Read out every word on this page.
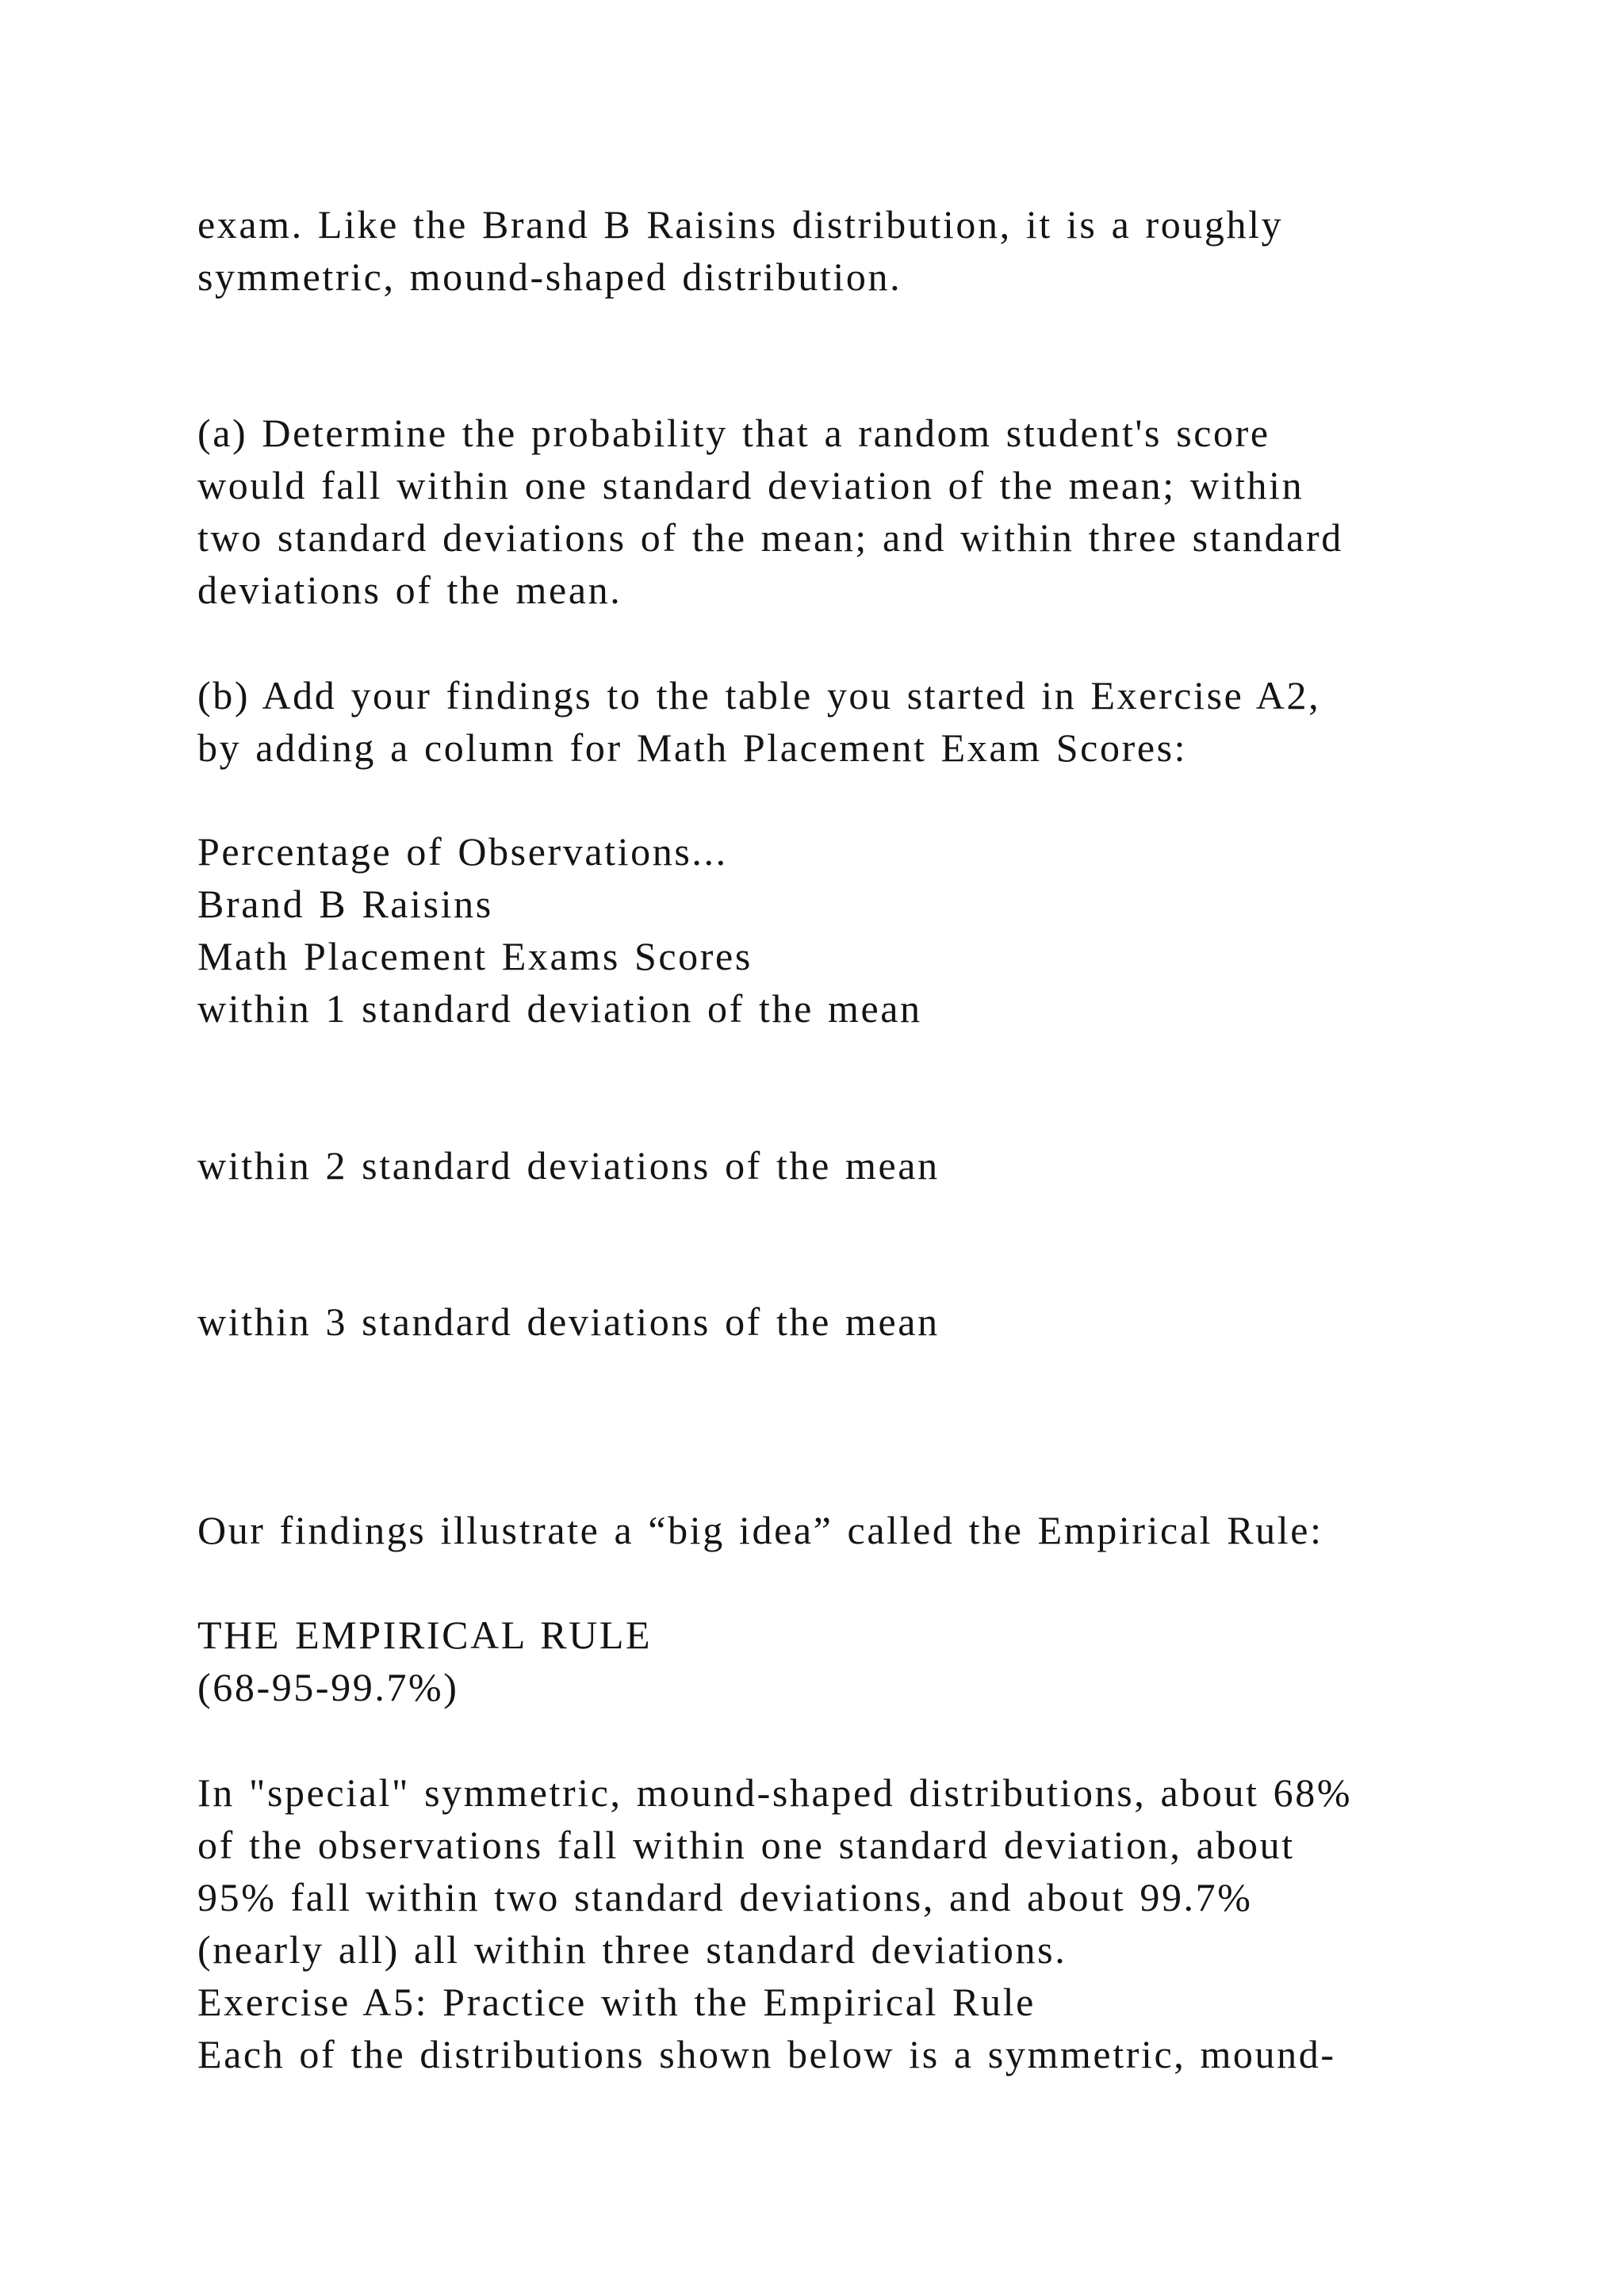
exam. Like the Brand B Raisins distribution, it is a roughly
symmetric, mound-shaped distribution.
(a) Determine the probability that a random student's score
would fall within one standard deviation of the mean; within
two standard deviations of the mean; and within three standard
deviations of the mean.
(b) Add your findings to the table you started in Exercise A2,
by adding a column for Math Placement Exam Scores:
Percentage of Observations...
Brand B Raisins
Math Placement Exams Scores
within 1 standard deviation of the mean
within 2 standard deviations of the mean
within 3 standard deviations of the mean
Our findings illustrate a “big idea” called the Empirical Rule:
THE EMPIRICAL RULE
(68-95-99.7%)
In "special" symmetric, mound-shaped distributions, about 68%
of the observations fall within one standard deviation, about
95% fall within two standard deviations, and about 99.7%
(nearly all) all within three standard deviations.
Exercise A5: Practice with the Empirical Rule
Each of the distributions shown below is a symmetric, mound-
